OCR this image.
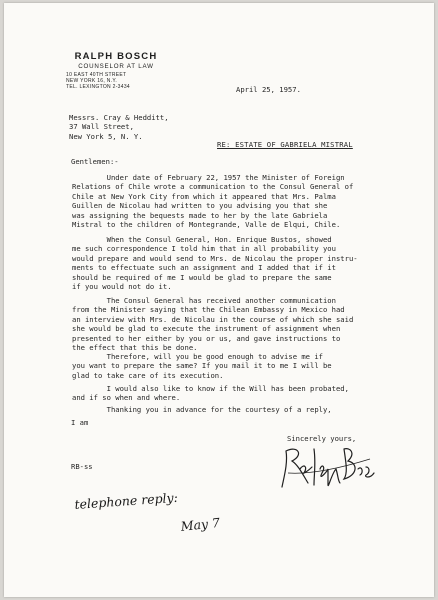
RALPH BOSCH
COUNSELOR AT LAW
10 EAST 40TH STREET
NEW YORK 16, N.Y.
TEL. LEXINGTON 2-3434	April 25, 1957.
Messrs. Cray & Hedditt,
37 Wall Street,
New York 5, N. Y.
RE: ESTATE OF GABRIELA MISTRAL
Gentlemen:-
Under date of February 22, 1957 the Minister of Foreign
Relations of Chile wrote a communication to the Consul General of
Chile at New York City from which it appeared that Mrs. Palma
Guillen de Nicolau had written to you advising you that she
was assigning the bequests made to her by the late Gabriela
Mistral to the children of Montegrande, Valle de Elqui, Chile.
When the Consul General, Hon. Enrique Bustos, showed
me such correspondence I told him that in all probability you
would prepare and would send to Mrs. de Nicolau the proper instru-
ments to effectuate such an assignment and I added that if it
should be required of me I would be glad to prepare the same
if you would not do it.
The Consul General has received another communication
from the Minister saying that the Chilean Embassy in Mexico had
an interview with Mrs. de Nicolau in the course of which she said
she would be glad to execute the instrument of assignment when
presented to her either by you or us, and gave instructions to
the effect that this be done.
Therefore, will you be good enough to advise me if
you want to prepare the same? If you mail it to me I will be
glad to take care of its execution.
I would also like to know if the Will has been probated,
and if so when and where.
Thanking you in advance for the courtesy of a reply,
I am
Sincerely yours,
RB-ss
telephone reply:
May 7
